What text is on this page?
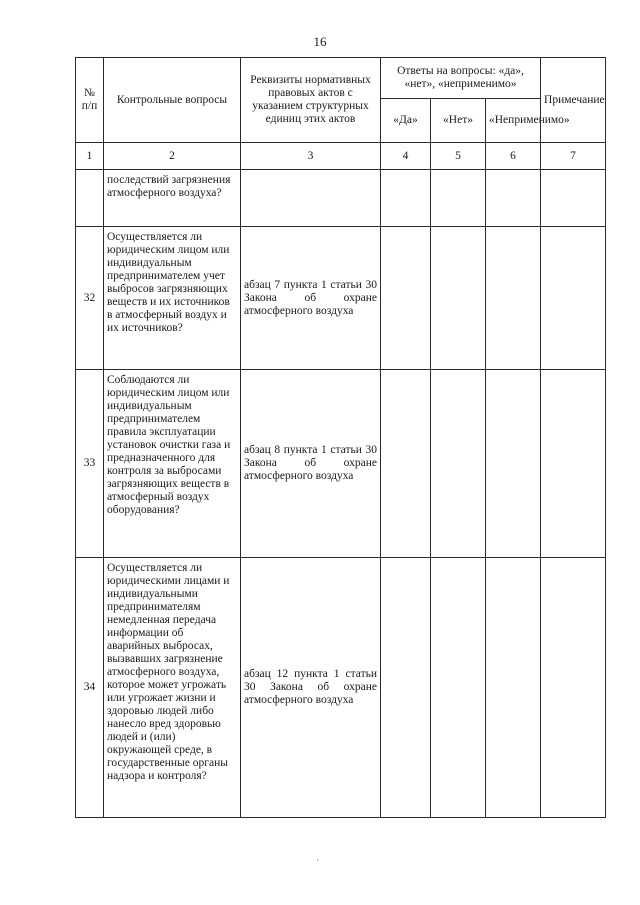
16
№ п/п	Контрольные вопросы	Реквизиты нормативных правовых актов с указанием структурных единиц этих актов	Ответы на вопросы: «да», «нет», «неприменимо»			Примечание
			«Да»	«Нет»	«Неприменимо»	
1	2	3	4	5	6	7
	последствий загрязнения атмосферного воздуха?					
32	Осуществляется ли юридическим лицом или индивидуальным предпринимателем учет выбросов загрязняющих веществ и их источников в атмосферный воздух и их источников?	абзац 7 пункта 1 статьи 30 Закона об охране атмосферного воздуха				
33	Соблюдаются ли юридическим лицом или индивидуальным предпринимателем правила эксплуатации установок очистки газа и предназначенного для контроля за выбросами загрязняющих веществ в атмосферный воздух оборудования?	абзац 8 пункта 1 статьи 30 Закона об охране атмосферного воздуха				
34	Осуществляется ли юридическими лицами и индивидуальными предпринимателям немедленная передача информации об аварийных выбросах, вызвавших загрязнение атмосферного воздуха, которое может угрожать или угрожает жизни и здоровью людей либо нанесло вред здоровью людей и (или) окружающей среде, в государственные органы надзора и контроля?	абзац 12 пункта 1 статьи 30 Закона об охране атмосферного воздуха				
·
